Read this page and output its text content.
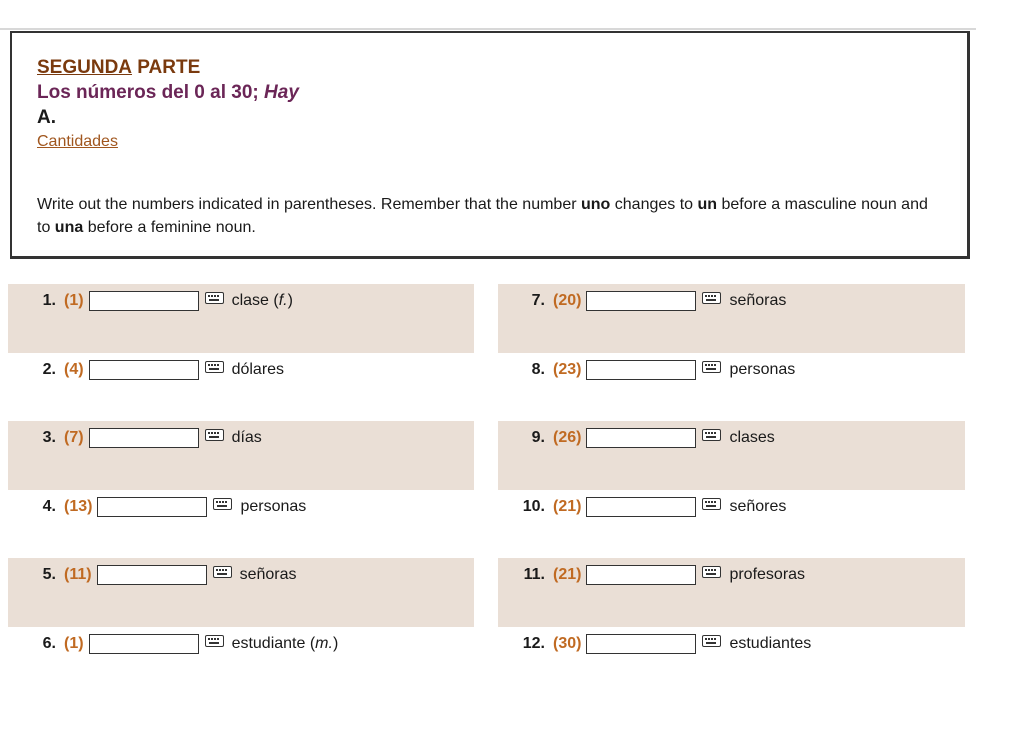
SEGUNDA PARTE
Los números del 0 al 30; Hay
A.
Cantidades
Write out the numbers indicated in parentheses. Remember that the number uno changes to un before a masculine noun and to una before a feminine noun.
1. (1)	clase (f.)
2. (4)	dólares
3. (7)	días
4. (13)	personas
5. (11)	señoras
6. (1)	estudiante (m.)
7. (20)	señoras
8. (23)	personas
9. (26)	clases
10. (21)	señores
11. (21)	profesoras
12. (30)	estudiantes
